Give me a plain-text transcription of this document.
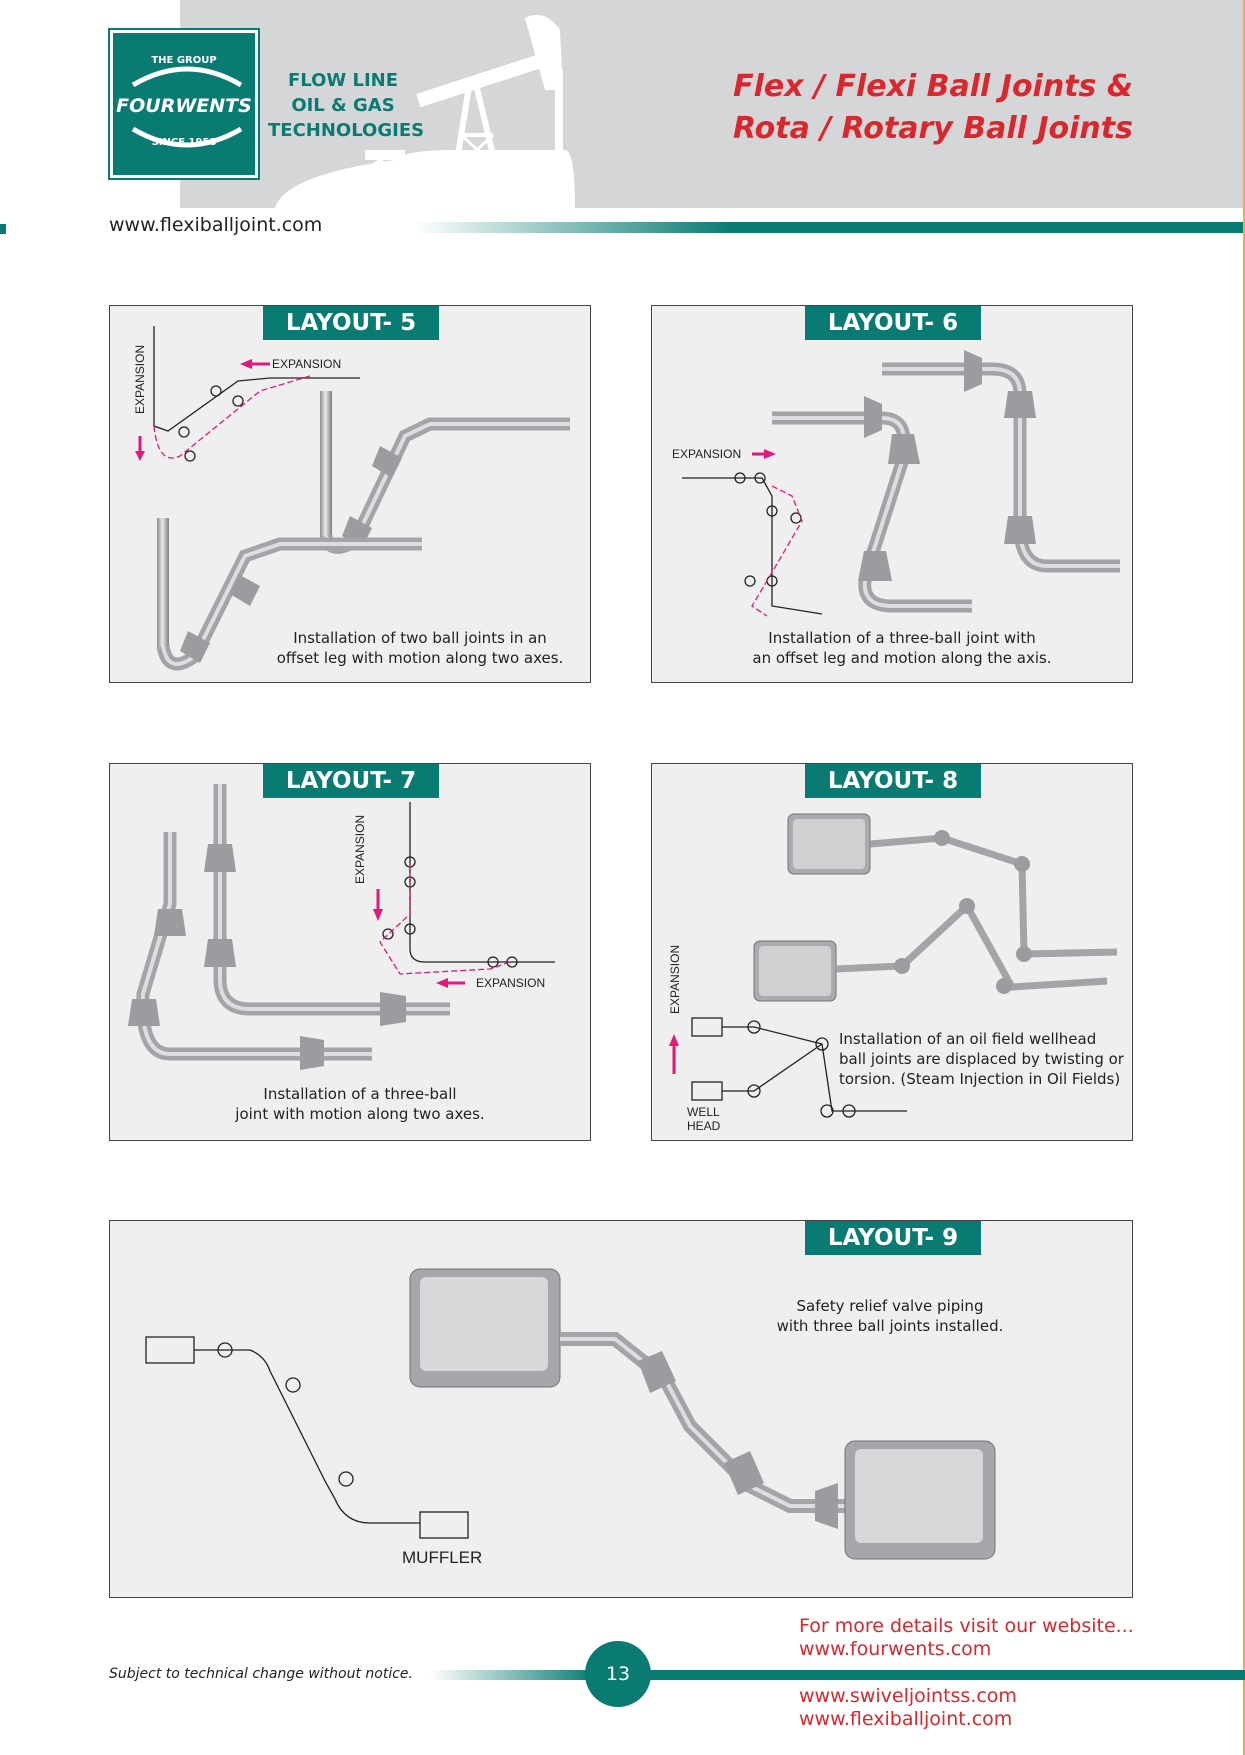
THE GROUP
FOURWENTS
SINCE 1958
FLOW LINE
OIL & GAS
TECHNOLOGIES
Flex / Flexi Ball Joints &
Rota / Rotary Ball Joints
www.flexiballjoint.com
LAYOUT- 5
EXPANSION
EXPANSION
Installation of two ball joints in an
offset leg with motion along two axes.
LAYOUT- 6
EXPANSION
Installation of a three-ball joint with
an offset leg and motion along the axis.
LAYOUT- 7
EXPANSION
EXPANSION
Installation of a three-ball
joint with motion along two axes.
LAYOUT- 8
EXPANSION
WELL
HEAD
Installation of an oil field wellhead
ball joints are displaced by twisting or
torsion. (Steam Injection in Oil Fields)
LAYOUT- 9
MUFFLER
Safety relief valve piping
with three ball joints installed.
Subject to technical change without notice.	13
For more details visit our website...
www.fourwents.com
www.swiveljointss.com
www.flexiballjoint.com
